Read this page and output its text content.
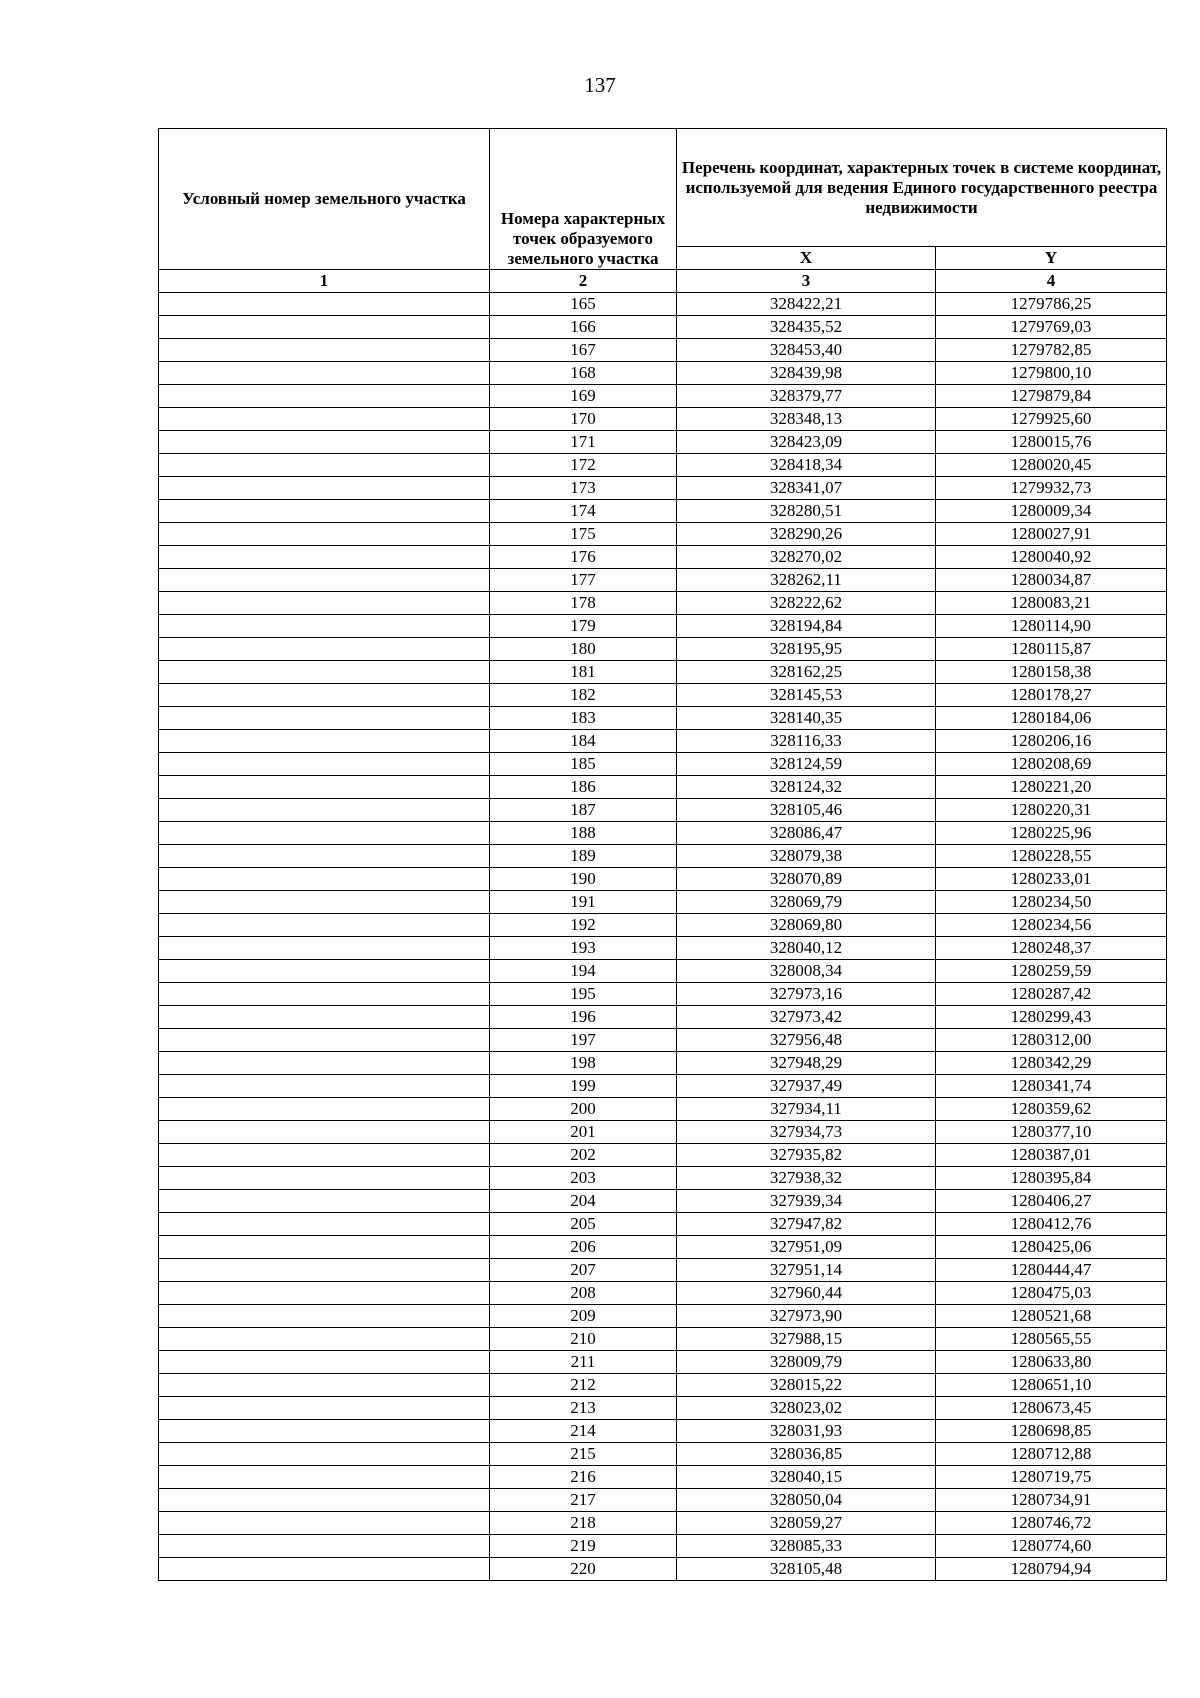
137
Условный номер земельного участка	Номера характерных точек образуемого земельного участка	Перечень координат, характерных точек в системе координат, используемой для ведения Единого государственного реестра недвижимости	
		X	Y
1	2	3	4
	165	328422,21	1279786,25
	166	328435,52	1279769,03
	167	328453,40	1279782,85
	168	328439,98	1279800,10
	169	328379,77	1279879,84
	170	328348,13	1279925,60
	171	328423,09	1280015,76
	172	328418,34	1280020,45
	173	328341,07	1279932,73
	174	328280,51	1280009,34
	175	328290,26	1280027,91
	176	328270,02	1280040,92
	177	328262,11	1280034,87
	178	328222,62	1280083,21
	179	328194,84	1280114,90
	180	328195,95	1280115,87
	181	328162,25	1280158,38
	182	328145,53	1280178,27
	183	328140,35	1280184,06
	184	328116,33	1280206,16
	185	328124,59	1280208,69
	186	328124,32	1280221,20
	187	328105,46	1280220,31
	188	328086,47	1280225,96
	189	328079,38	1280228,55
	190	328070,89	1280233,01
	191	328069,79	1280234,50
	192	328069,80	1280234,56
	193	328040,12	1280248,37
	194	328008,34	1280259,59
	195	327973,16	1280287,42
	196	327973,42	1280299,43
	197	327956,48	1280312,00
	198	327948,29	1280342,29
	199	327937,49	1280341,74
	200	327934,11	1280359,62
	201	327934,73	1280377,10
	202	327935,82	1280387,01
	203	327938,32	1280395,84
	204	327939,34	1280406,27
	205	327947,82	1280412,76
	206	327951,09	1280425,06
	207	327951,14	1280444,47
	208	327960,44	1280475,03
	209	327973,90	1280521,68
	210	327988,15	1280565,55
	211	328009,79	1280633,80
	212	328015,22	1280651,10
	213	328023,02	1280673,45
	214	328031,93	1280698,85
	215	328036,85	1280712,88
	216	328040,15	1280719,75
	217	328050,04	1280734,91
	218	328059,27	1280746,72
	219	328085,33	1280774,60
	220	328105,48	1280794,94
